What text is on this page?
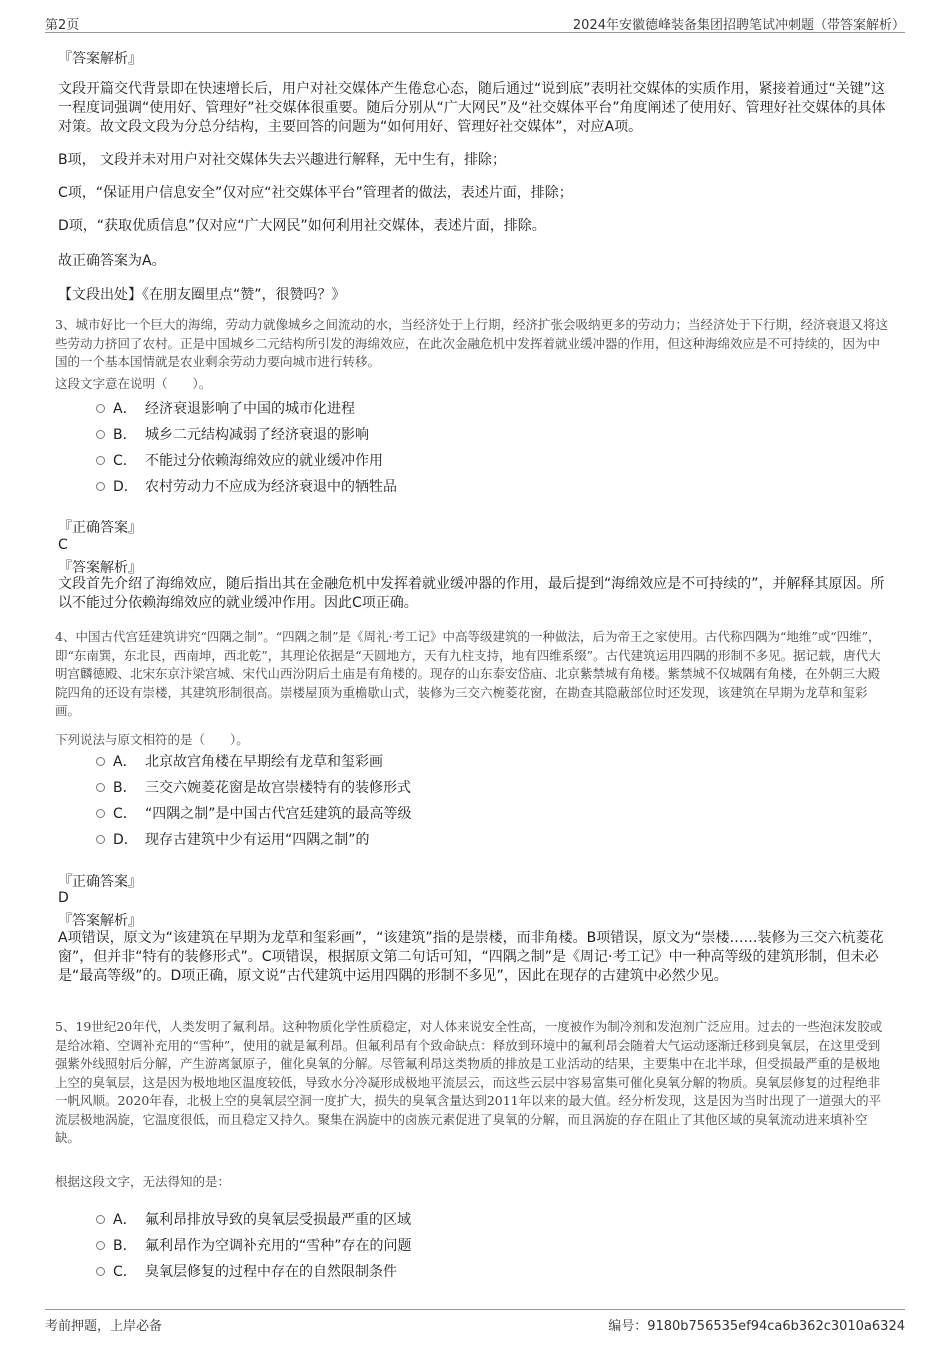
第2页	2024年安徽德峰装备集团招聘笔试冲刺题（带答案解析）
『答案解析』

文段开篇交代背景即在快速增长后，用户对社交媒体产生倦怠心态，随后通过“说到底”表明社交媒体的实质作用，紧接着通过“关键”这一程度词强调“使用好、管理好”社交媒体很重要。随后分别从“广大网民”及“社交媒体平台”角度阐述了使用好、管理好社交媒体的具体对策。故文段文段为分总分结构，主要回答的问题为“如何用好、管理好社交媒体”，对应A项。

B项， 文段并未对用户对社交媒体失去兴趣进行解释，无中生有，排除；

C项，“保证用户信息安全”仅对应“社交媒体平台”管理者的做法，表述片面，排除；

D项，“获取优质信息”仅对应“广大网民”如何利用社交媒体，表述片面，排除。

故正确答案为A。

【文段出处】《在朋友圈里点“赞”，很赞吗？》

3、城市好比一个巨大的海绵，劳动力就像城乡之间流动的水，当经济处于上行期，经济扩张会吸纳更多的劳动力；当经济处于下行期，经济衰退又将这些劳动力挤回了农村。正是中国城乡二元结构所引发的海绵效应，在此次金融危机中发挥着就业缓冲器的作用，但这种海绵效应是不可持续的，因为中国的一个基本国情就是农业剩余劳动力要向城市进行转移。

这段文字意在说明（　　）。

A． 经济衰退影响了中国的城市化进程
B． 城乡二元结构减弱了经济衰退的影响
C． 不能过分依赖海绵效应的就业缓冲作用
D． 农村劳动力不应成为经济衰退中的牺牲品
『正确答案』
C
『答案解析』

文段首先介绍了海绵效应，随后指出其在金融危机中发挥着就业缓冲器的作用，最后提到“海绵效应是不可持续的”，并解释其原因。所以不能过分依赖海绵效应的就业缓冲作用。因此C项正确。

4、中国古代宫廷建筑讲究“四隅之制”。“四隅之制”是《周礼·考工记》中高等级建筑的一种做法，后为帝王之家使用。古代称四隅为“地维”或“四维”，即“东南巽，东北艮，西南坤，西北乾”，其理论依据是“天圆地方，天有九柱支持，地有四维系缀”。古代建筑运用四隅的形制不多见。据记载，唐代大明宫麟德殿、北宋东京汴梁宫城、宋代山西汾阴后土庙是有角楼的。现存的山东泰安岱庙、北京紫禁城有角楼。紫禁城不仅城隅有角楼，在外朝三大殿院四角的还设有崇楼，其建筑形制很高。崇楼屋顶为重檐歇山式，装修为三交六椀菱花窗，在勘查其隐蔽部位时还发现，该建筑在早期为龙草和玺彩画。

下列说法与原文相符的是（　　）。

A． 北京故宫角楼在早期绘有龙草和玺彩画
B． 三交六婉菱花窗是故宫崇楼特有的装修形式
C． “四隅之制”是中国古代宫廷建筑的最高等级
D． 现存古建筑中少有运用“四隅之制”的
『正确答案』
D
『答案解析』

A项错误，原文为“该建筑在早期为龙草和玺彩画”，“该建筑”指的是崇楼，而非角楼。B项错误，原文为“崇楼……装修为三交六杭菱花窗”，但并非“特有的装修形式”。C项错误，根据原文第二句话可知，“四隅之制”是《周记·考工记》中一种高等级的建筑形制，但未必是“最高等级”的。D项正确，原文说“古代建筑中运用四隅的形制不多见”，因此在现存的古建筑中必然少见。

5、19世纪20年代，人类发明了氟利昂。这种物质化学性质稳定，对人体来说安全性高，一度被作为制冷剂和发泡剂广泛应用。过去的一些泡沫发胶或是给冰箱、空调补充用的“雪种”，使用的就是氟利昂。但氟利昂有个致命缺点：释放到环境中的氟利昂会随着大气运动逐渐迁移到臭氧层，在这里受到强紫外线照射后分解，产生游离氯原子，催化臭氧的分解。尽管氟利昂这类物质的排放是工业活动的结果，主要集中在北半球，但受损最严重的是极地上空的臭氧层，这是因为极地地区温度较低，导致水分冷凝形成极地平流层云，而这些云层中容易富集可催化臭氧分解的物质。臭氧层修复的过程绝非一帆风顺。2020年春，北极上空的臭氧层空洞一度扩大，损失的臭氧含量达到2011年以来的最大值。经分析发现，这是因为当时出现了一道强大的平流层极地涡旋，它温度很低，而且稳定又持久。聚集在涡旋中的卤族元素促进了臭氧的分解，而且涡旋的存在阻止了其他区域的臭氧流动进来填补空缺。

根据这段文字，无法得知的是：

A． 氟利昂排放导致的臭氧层受损最严重的区域
B． 氟利昂作为空调补充用的“雪种”存在的问题
C． 臭氧层修复的过程中存在的自然限制条件
考前押题，上岸必备	编号：9180b756535ef94ca6b362c3010a6324
